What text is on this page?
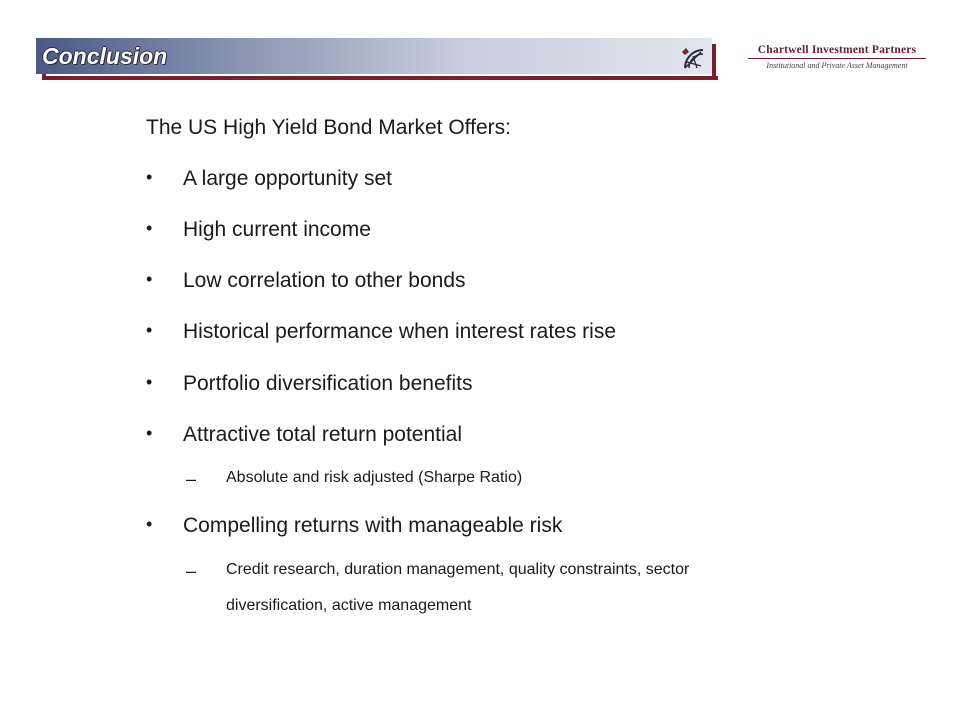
Conclusion	Chartwell Investment Partners
Institutional and Private Asset Management
The US High Yield Bond Market Offers:
• A large opportunity set
• High current income
• Low correlation to other bonds
• Historical performance when interest rates rise
• Portfolio diversification benefits
• Attractive total return potential
– Absolute and risk adjusted (Sharpe Ratio)
• Compelling returns with manageable risk
– Credit research, duration management, quality constraints, sector
diversification, active management
